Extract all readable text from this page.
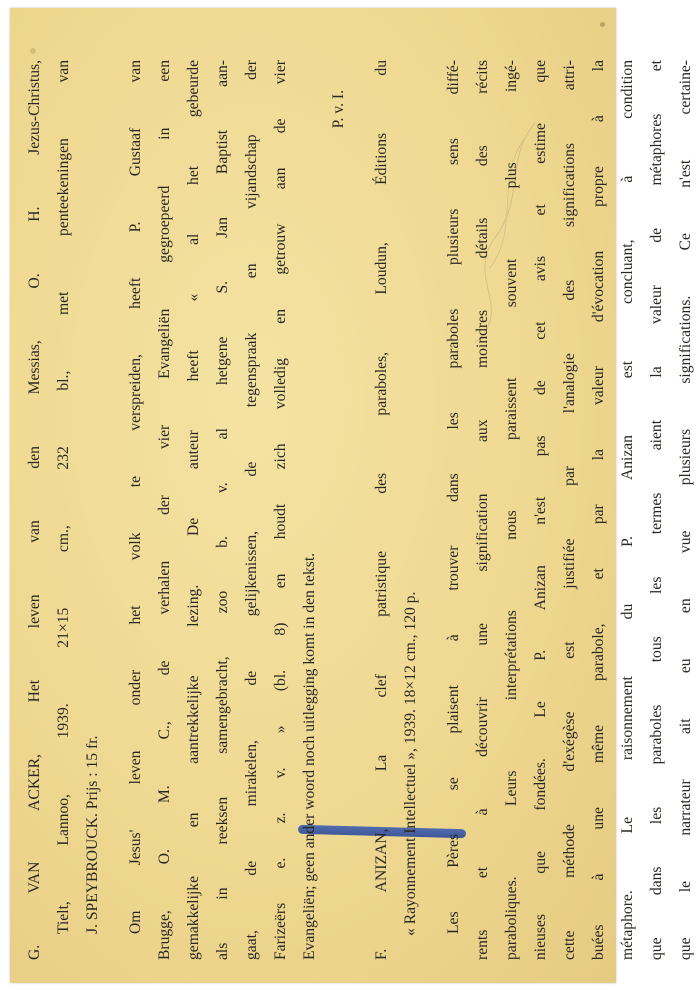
G. VAN ACKER, Het leven van den Messias, O. H. Jezus-Christus, Tielt, Lannoo, 1939. 21×15 cm., 232 bl., met penteekeningen van J. SPEYBROUCK. Prijs : 15 fr.	Om Jesus' leven onder het volk te verspreiden, heeft P. Gustaaf van Brugge, O. M. C., de verhalen der vier Evangeliën gegroepeerd in een gemakkelijke en aantrekkelijke lezing. De auteur heeft « al het gebeurde als in reeksen samengebracht, zoo b. v. al hetgene S. Jan Baptist aan- gaat, de mirakelen, de gelijkenissen, de tegenspraak en vijandschap der Farizeërs e. z. v. » (bl. 8) en houdt zich volledig en getrouw aan de vier Evangeliën; geen ander woord noch uitlegging komt in den tekst.
P. v. I.	F. ANIZAN, La clef patristique des paraboles, Loudun, Éditions du « Rayonnement Intellectuel », 1939. 18×12 cm., 120 p.	Les Pères se plaisent à trouver dans les paraboles plusieurs sens diffé- rents et à découvrir une signification aux moindres détails des récits paraboliques. Leurs interprétations nous paraissent souvent plus ingé- nieuses que fondées. Le P. Anizan n'est pas de cet avis et estime que cette méthode d'exégèse est justifiée par l'analogie des significations attri- buées à une même parabole, et par la valeur d'évocation propre à la métaphore. Le raisonnement du P. Anizan est concluant, à condition que dans les paraboles tous les termes aient la valeur de métaphores et que le narrateur ait eu en vue plusieurs significations. Ce n'est certaine-
